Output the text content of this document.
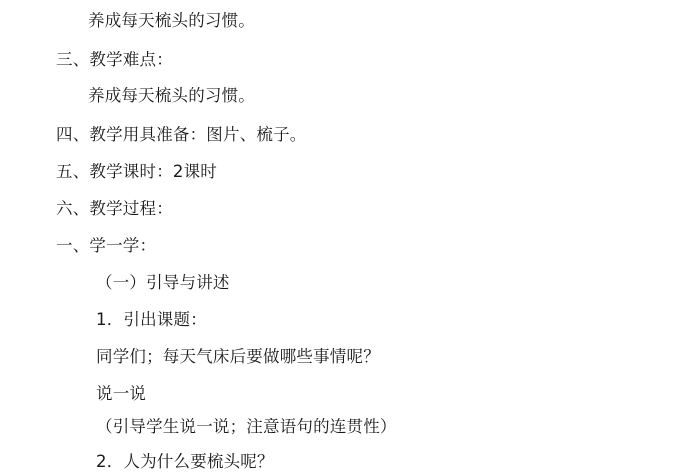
养成每天梳头的习惯。
三、教学难点：
养成每天梳头的习惯。
四、教学用具准备：图片、梳子。
五、教学课时：2课时
六、教学过程：
一、学一学：
（一）引导与讲述
1．引出课题：
同学们；每天气床后要做哪些事情呢？
说一说
（引导学生说一说；注意语句的连贯性）
2．人为什么要梳头呢？
